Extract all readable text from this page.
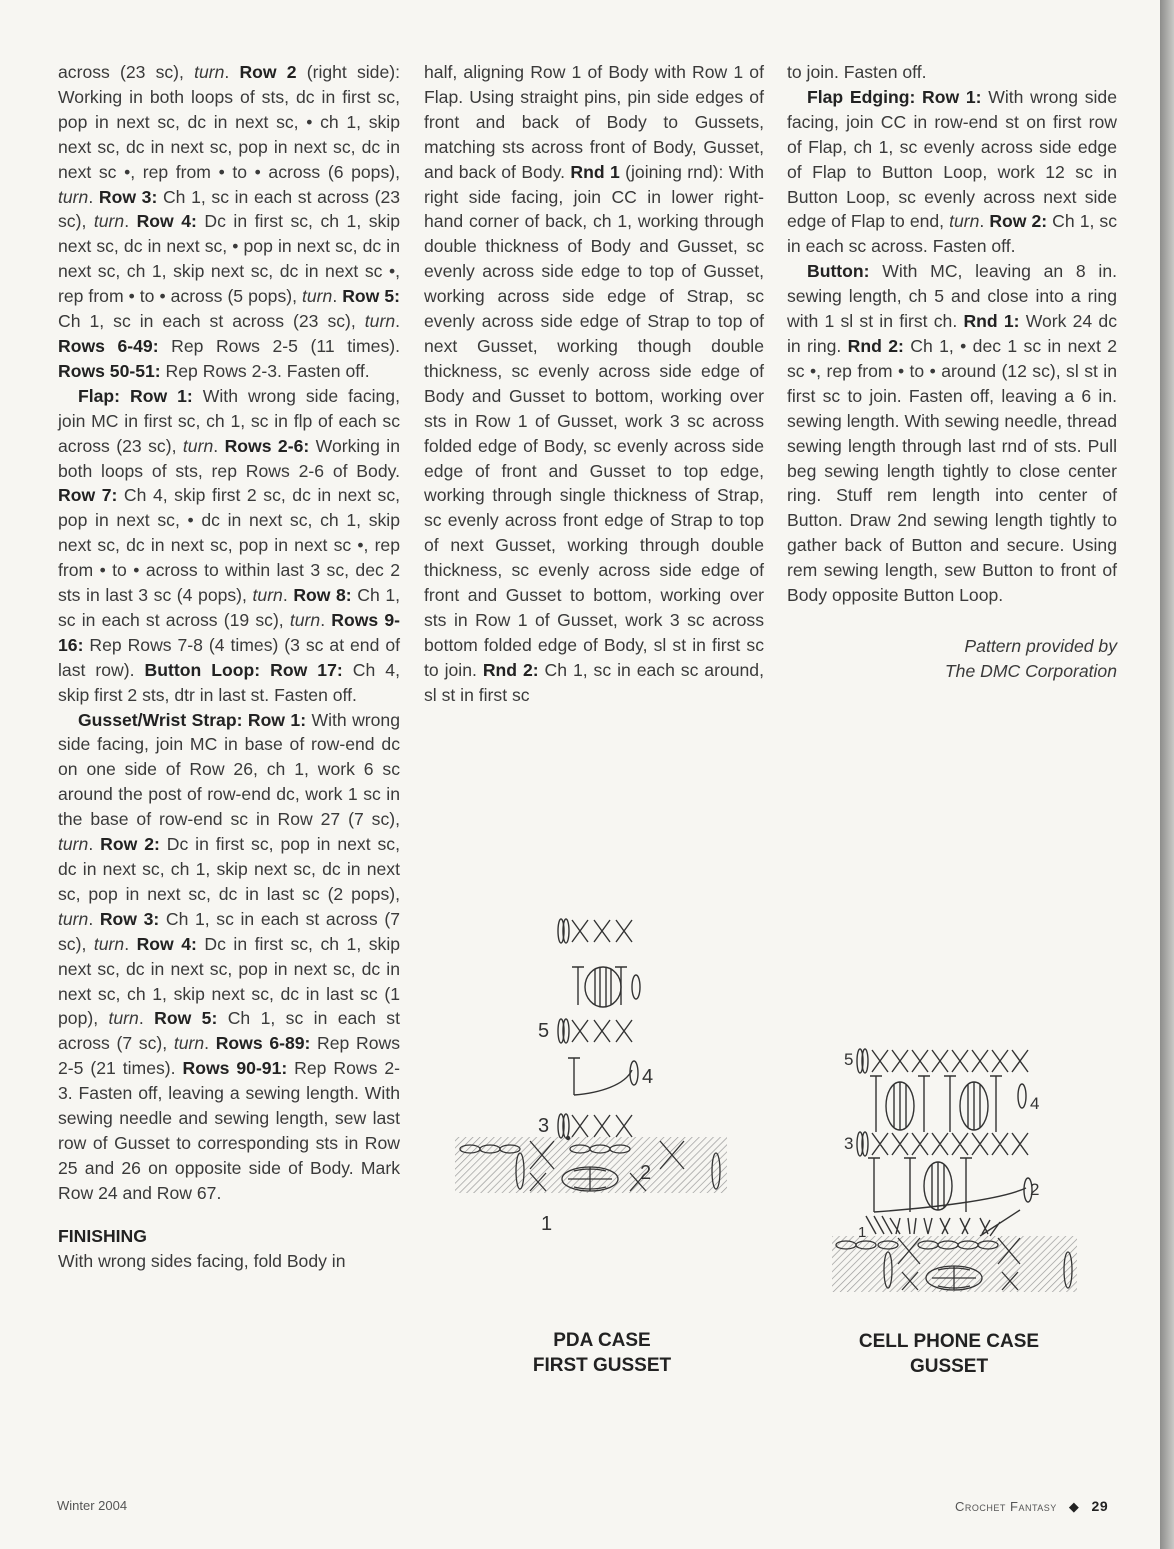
across (23 sc), turn. Row 2 (right side): Working in both loops of sts, dc in first sc, pop in next sc, dc in next sc, • ch 1, skip next sc, dc in next sc, pop in next sc, dc in next sc •, rep from • to • across (6 pops), turn. Row 3: Ch 1, sc in each st across (23 sc), turn. Row 4: Dc in first sc, ch 1, skip next sc, dc in next sc, • pop in next sc, dc in next sc, ch 1, skip next sc, dc in next sc •, rep from • to • across (5 pops), turn. Row 5: Ch 1, sc in each st across (23 sc), turn. Rows 6-49: Rep Rows 2-5 (11 times). Rows 50-51: Rep Rows 2-3. Fasten off.

Flap: Row 1: With wrong side facing, join MC in first sc, ch 1, sc in flp of each sc across (23 sc), turn. Rows 2-6: Working in both loops of sts, rep Rows 2-6 of Body. Row 7: Ch 4, skip first 2 sc, dc in next sc, pop in next sc, • dc in next sc, ch 1, skip next sc, dc in next sc, pop in next sc •, rep from • to • across to within last 3 sc, dec 2 sts in last 3 sc (4 pops), turn. Row 8: Ch 1, sc in each st across (19 sc), turn. Rows 9-16: Rep Rows 7-8 (4 times) (3 sc at end of last row). Button Loop: Row 17: Ch 4, skip first 2 sts, dtr in last st. Fasten off.

Gusset/Wrist Strap: Row 1: With wrong side facing, join MC in base of row-end dc on one side of Row 26, ch 1, work 6 sc around the post of row-end dc, work 1 sc in the base of row-end sc in Row 27 (7 sc), turn. Row 2: Dc in first sc, pop in next sc, dc in next sc, ch 1, skip next sc, dc in next sc, pop in next sc, dc in last sc (2 pops), turn. Row 3: Ch 1, sc in each st across (7 sc), turn. Row 4: Dc in first sc, ch 1, skip next sc, dc in next sc, pop in next sc, dc in next sc, ch 1, skip next sc, dc in last sc (1 pop), turn. Row 5: Ch 1, sc in each st across (7 sc), turn. Rows 6-89: Rep Rows 2-5 (21 times). Rows 90-91: Rep Rows 2-3. Fasten off, leaving a sewing length. With sewing needle and sewing length, sew last row of Gusset to corresponding sts in Row 25 and 26 on opposite side of Body. Mark Row 24 and Row 67.

FINISHING

With wrong sides facing, fold Body in

half, aligning Row 1 of Body with Row 1 of Flap. Using straight pins, pin side edges of front and back of Body to Gussets, matching sts across front of Body, Gusset, and back of Body. Rnd 1 (joining rnd): With right side facing, join CC in lower right-hand corner of back, ch 1, working through double thickness of Body and Gusset, sc evenly across side edge to top of Gusset, working across side edge of Strap, sc evenly across side edge of Strap to top of next Gusset, working though double thickness, sc evenly across side edge of Body and Gusset to bottom, working over sts in Row 1 of Gusset, work 3 sc across folded edge of Body, sc evenly across side edge of front and Gusset to top edge, working through single thickness of Strap, sc evenly across front edge of Strap to top of next Gusset, working through double thickness, sc evenly across side edge of front and Gusset to bottom, working over sts in Row 1 of Gusset, work 3 sc across bottom folded edge of Body, sl st in first sc to join. Rnd 2: Ch 1, sc in each sc around, sl st in first sc

to join. Fasten off.

Flap Edging: Row 1: With wrong side facing, join CC in row-end st on first row of Flap, ch 1, sc evenly across side edge of Flap to Button Loop, work 12 sc in Button Loop, sc evenly across next side edge of Flap to end, turn. Row 2: Ch 1, sc in each sc across. Fasten off.

Button: With MC, leaving an 8 in. sewing length, ch 5 and close into a ring with 1 sl st in first ch. Rnd 1: Work 24 dc in ring. Rnd 2: Ch 1, • dec 1 sc in next 2 sc •, rep from • to • around (12 sc), sl st in first sc to join. Fasten off, leaving a 6 in. sewing length. With sewing needle, thread sewing length through last rnd of sts. Pull beg sewing length tightly to close center ring. Stuff rem length into center of Button. Draw 2nd sewing length tightly to gather back of Button and secure. Using rem sewing length, sew Button to front of Body opposite Button Loop.

Pattern provided by
The DMC Corporation

5
3
1
4
2
PDA CASE
FIRST GUSSET
5
3
1
4
2
CELL PHONE CASE
GUSSET
Winter 2004	Crochet Fantasy ◆ 29
